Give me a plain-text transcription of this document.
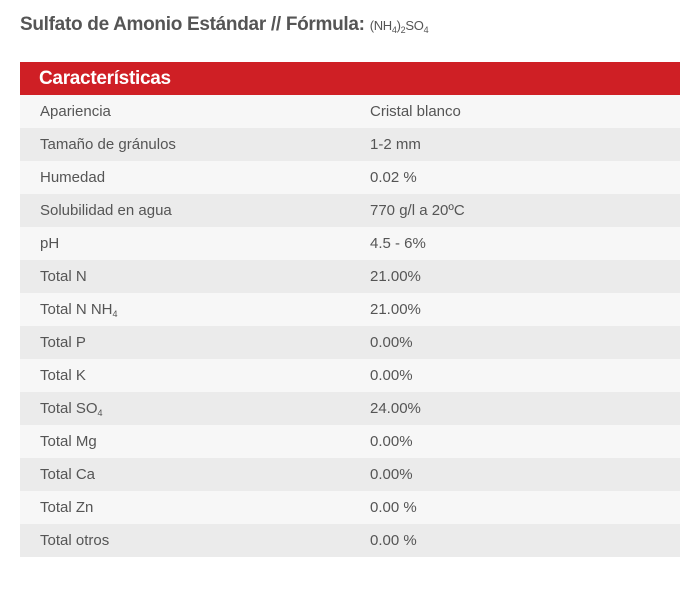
Sulfato de Amonio Estándar // Fórmula: $(NH_4)_2SO_4$
Características
Apariencia	Cristal blanco
Tamaño de gránulos	1-2 mm
Humedad	0.02 %
Solubilidad en agua	770 g/l a 20ºC
pH	4.5 - 6%
Total N	21.00%
Total N $NH_4$	21.00%
Total P	0.00%
Total K	0.00%
Total $SO_4$	24.00%
Total Mg	0.00%
Total Ca	0.00%
Total Zn	0.00 %
Total otros	0.00 %
